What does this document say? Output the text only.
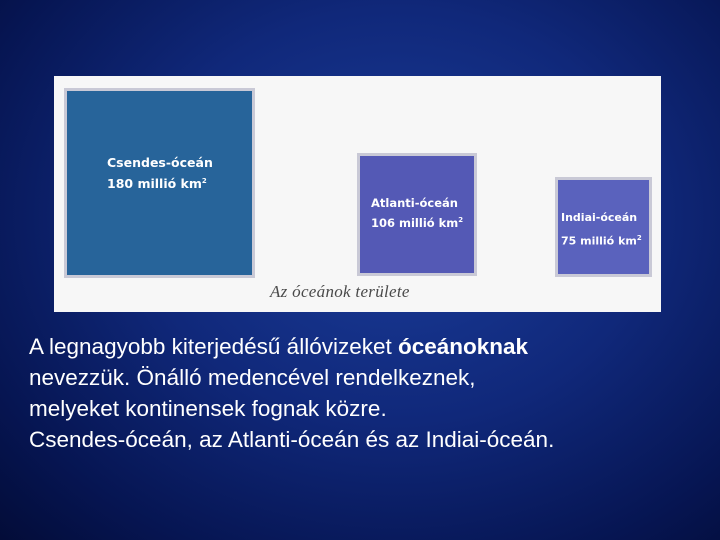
Csendes-óceán
180 millió $km^2$
Atlanti-óceán
106 millió $km^2$	Indiai-óceán
75 millió $km^2$
Az óceánok területe
A legnagyobb kiterjedésű állóvizeket óceánoknak
nevezzük. Önálló medencével rendelkeznek,
melyeket kontinensek fognak közre.
Csendes-óceán, az Atlanti-óceán és az Indiai-óceán.
